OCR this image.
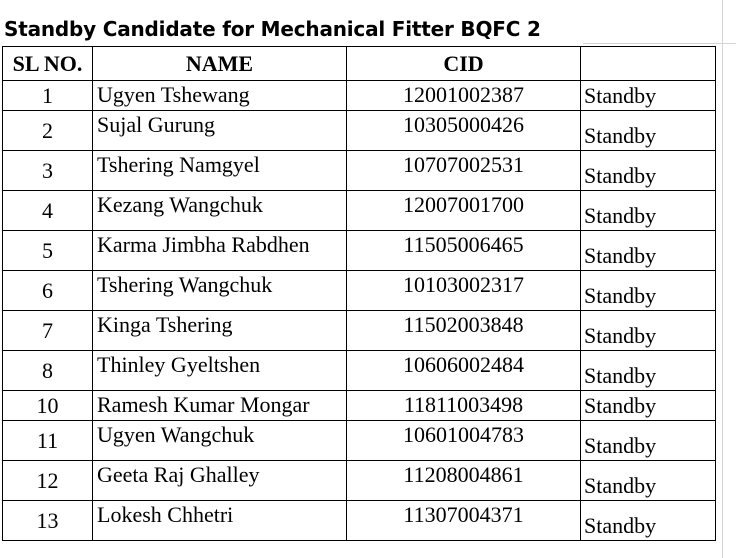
Standby Candidate for Mechanical Fitter BQFC 2
SL NO.	NAME	CID	
1	Ugyen Tshewang	12001002387	Standby
2	Sujal Gurung	10305000426	Standby
3	Tshering Namgyel	10707002531	Standby
4	Kezang Wangchuk	12007001700	Standby
5	Karma Jimbha Rabdhen	11505006465	Standby
6	Tshering Wangchuk	10103002317	Standby
7	Kinga Tshering	11502003848	Standby
8	Thinley Gyeltshen	10606002484	Standby
10	Ramesh Kumar Mongar	11811003498	Standby
11	Ugyen Wangchuk	10601004783	Standby
12	Geeta Raj Ghalley	11208004861	Standby
13	Lokesh Chhetri	11307004371	Standby
